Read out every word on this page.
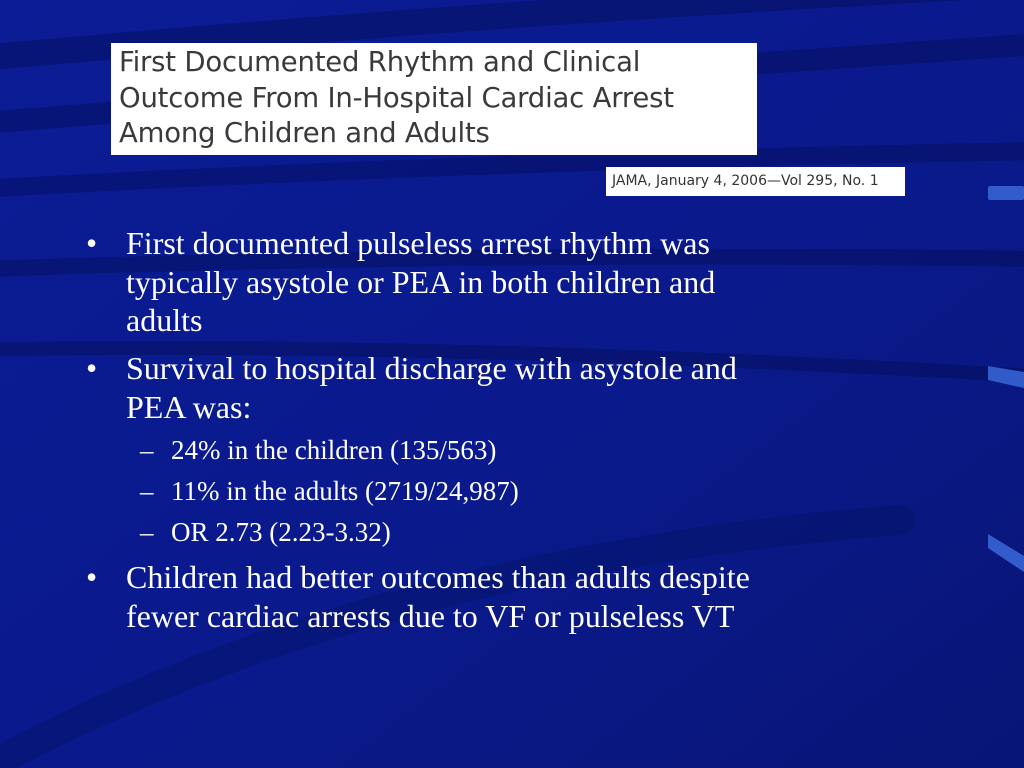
First Documented Rhythm and Clinical
Outcome From In-Hospital Cardiac Arrest
Among Children and Adults
JAMA, January 4, 2006—Vol 295, No. 1
• First documented pulseless arrest rhythm was
typically asystole or PEA in both children and
adults
• Survival to hospital discharge with asystole and
PEA was:
– 24% in the children (135/563)
– 11% in the adults (2719/24,987)
– OR 2.73 (2.23-3.32)
• Children had better outcomes than adults despite
fewer cardiac arrests due to VF or pulseless VT
